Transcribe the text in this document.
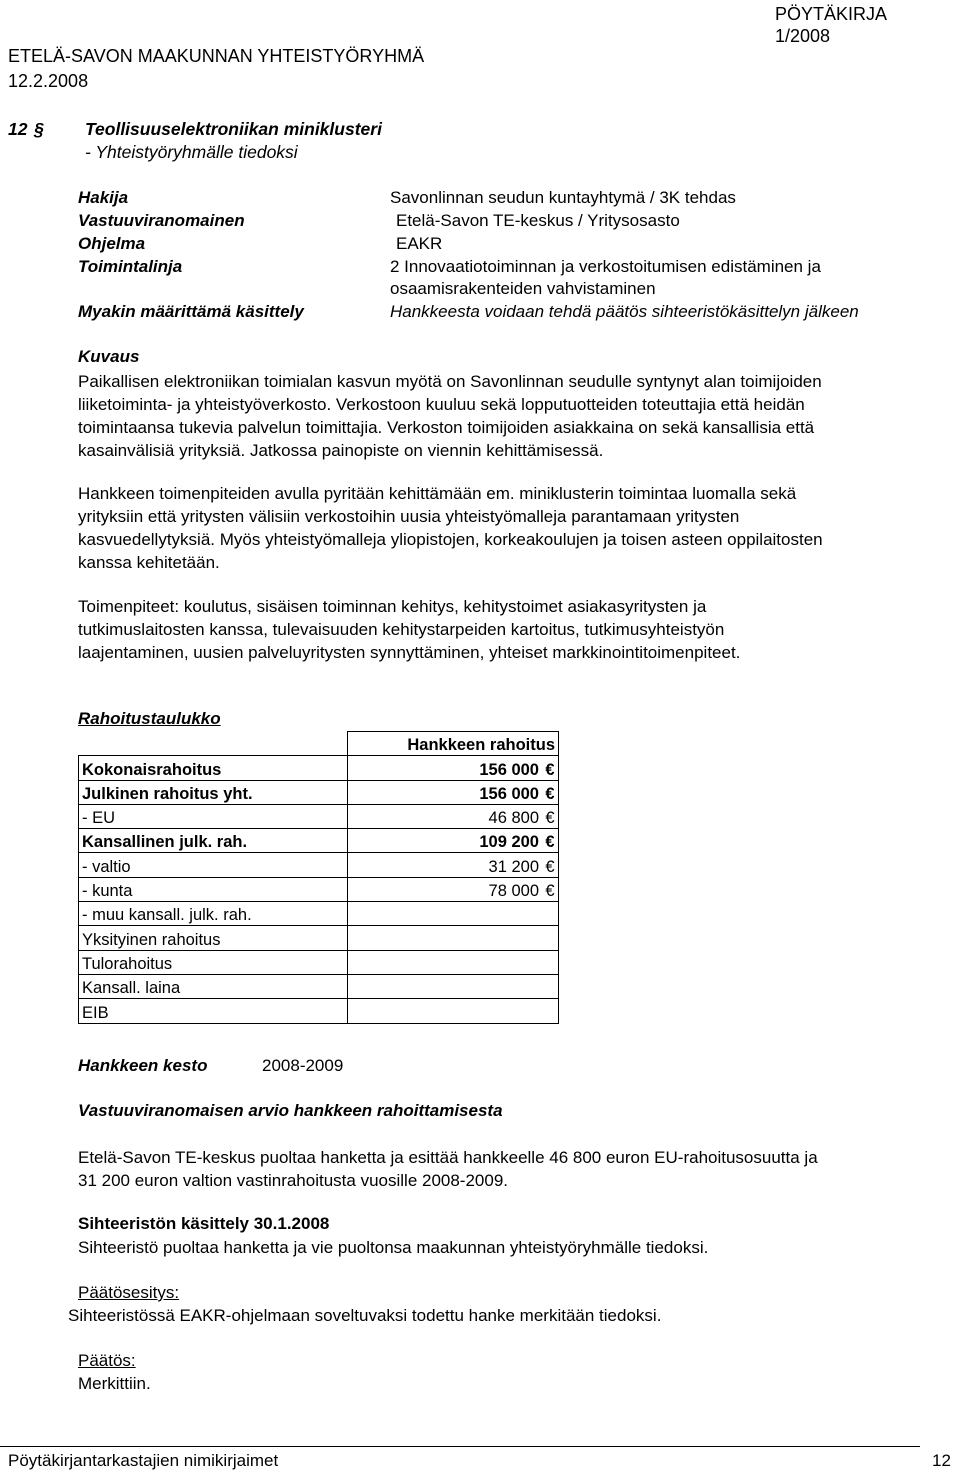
PÖYTÄKIRJA
1/2008
ETELÄ-SAVON MAAKUNNAN YHTEISTYÖRYHMÄ
12.2.2008
12 § Teollisuuselektroniikan miniklusteri
- Yhteistyöryhmälle tiedoksi
Hakija	Savonlinnan seudun kuntayhtymä / 3K tehdas
Vastuuviranomainen	Etelä-Savon TE-keskus / Yritysosasto
Ohjelma	EAKR
Toimintalinja	2 Innovaatiotoiminnan ja verkostoitumisen edistäminen ja
osaamisrakenteiden vahvistaminen
Myakin määrittämä käsittely	Hankkeesta voidaan tehdä päätös sihteeristökäsittelyn jälkeen
Kuvaus
Paikallisen elektroniikan toimialan kasvun myötä on Savonlinnan seudulle syntynyt alan toimijoiden
liiketoiminta- ja yhteistyöverkosto. Verkostoon kuuluu sekä lopputuotteiden toteuttajia että heidän
toimintaansa tukevia palvelun toimittajia. Verkoston toimijoiden asiakkaina on sekä kansallisia että
kasainvälisiä yrityksiä. Jatkossa painopiste on viennin kehittämisessä.
Hankkeen toimenpiteiden avulla pyritään kehittämään em. miniklusterin toimintaa luomalla sekä
yrityksiin että yritysten välisiin verkostoihin uusia yhteistyömalleja parantamaan yritysten
kasvuedellytyksiä. Myös yhteistyömalleja yliopistojen, korkeakoulujen ja toisen asteen oppilaitosten
kanssa kehitetään.
Toimenpiteet: koulutus, sisäisen toiminnan kehitys, kehitystoimet asiakasyritysten ja
tutkimuslaitosten kanssa, tulevaisuuden kehitystarpeiden kartoitus, tutkimusyhteistyön
laajentaminen, uusien palveluyritysten synnyttäminen, yhteiset markkinointitoimenpiteet.
Rahoitustaulukko
	Hankkeen rahoitus
Kokonaisrahoitus	156 000 €
Julkinen rahoitus yht.	156 000 €
- EU	46 800 €
Kansallinen julk. rah.	109 200 €
- valtio	31 200 €
- kunta	78 000 €
- muu kansall. julk. rah.	
Yksityinen rahoitus	
Tulorahoitus	
Kansall. laina	
EIB	
Hankkeen kesto	2008-2009
Vastuuviranomaisen arvio hankkeen rahoittamisesta
Etelä-Savon TE-keskus puoltaa hanketta ja esittää hankkeelle 46 800 euron EU-rahoitusosuutta ja
31 200 euron valtion vastinrahoitusta vuosille 2008-2009.
Sihteeristön käsittely 30.1.2008
Sihteeristö puoltaa hanketta ja vie puoltonsa maakunnan yhteistyöryhmälle tiedoksi.
Päätösesitys:
Sihteeristössä EAKR-ohjelmaan soveltuvaksi todettu hanke merkitään tiedoksi.
Päätös:
Merkittiin.
Pöytäkirjantarkastajien nimikirjaimet	12
